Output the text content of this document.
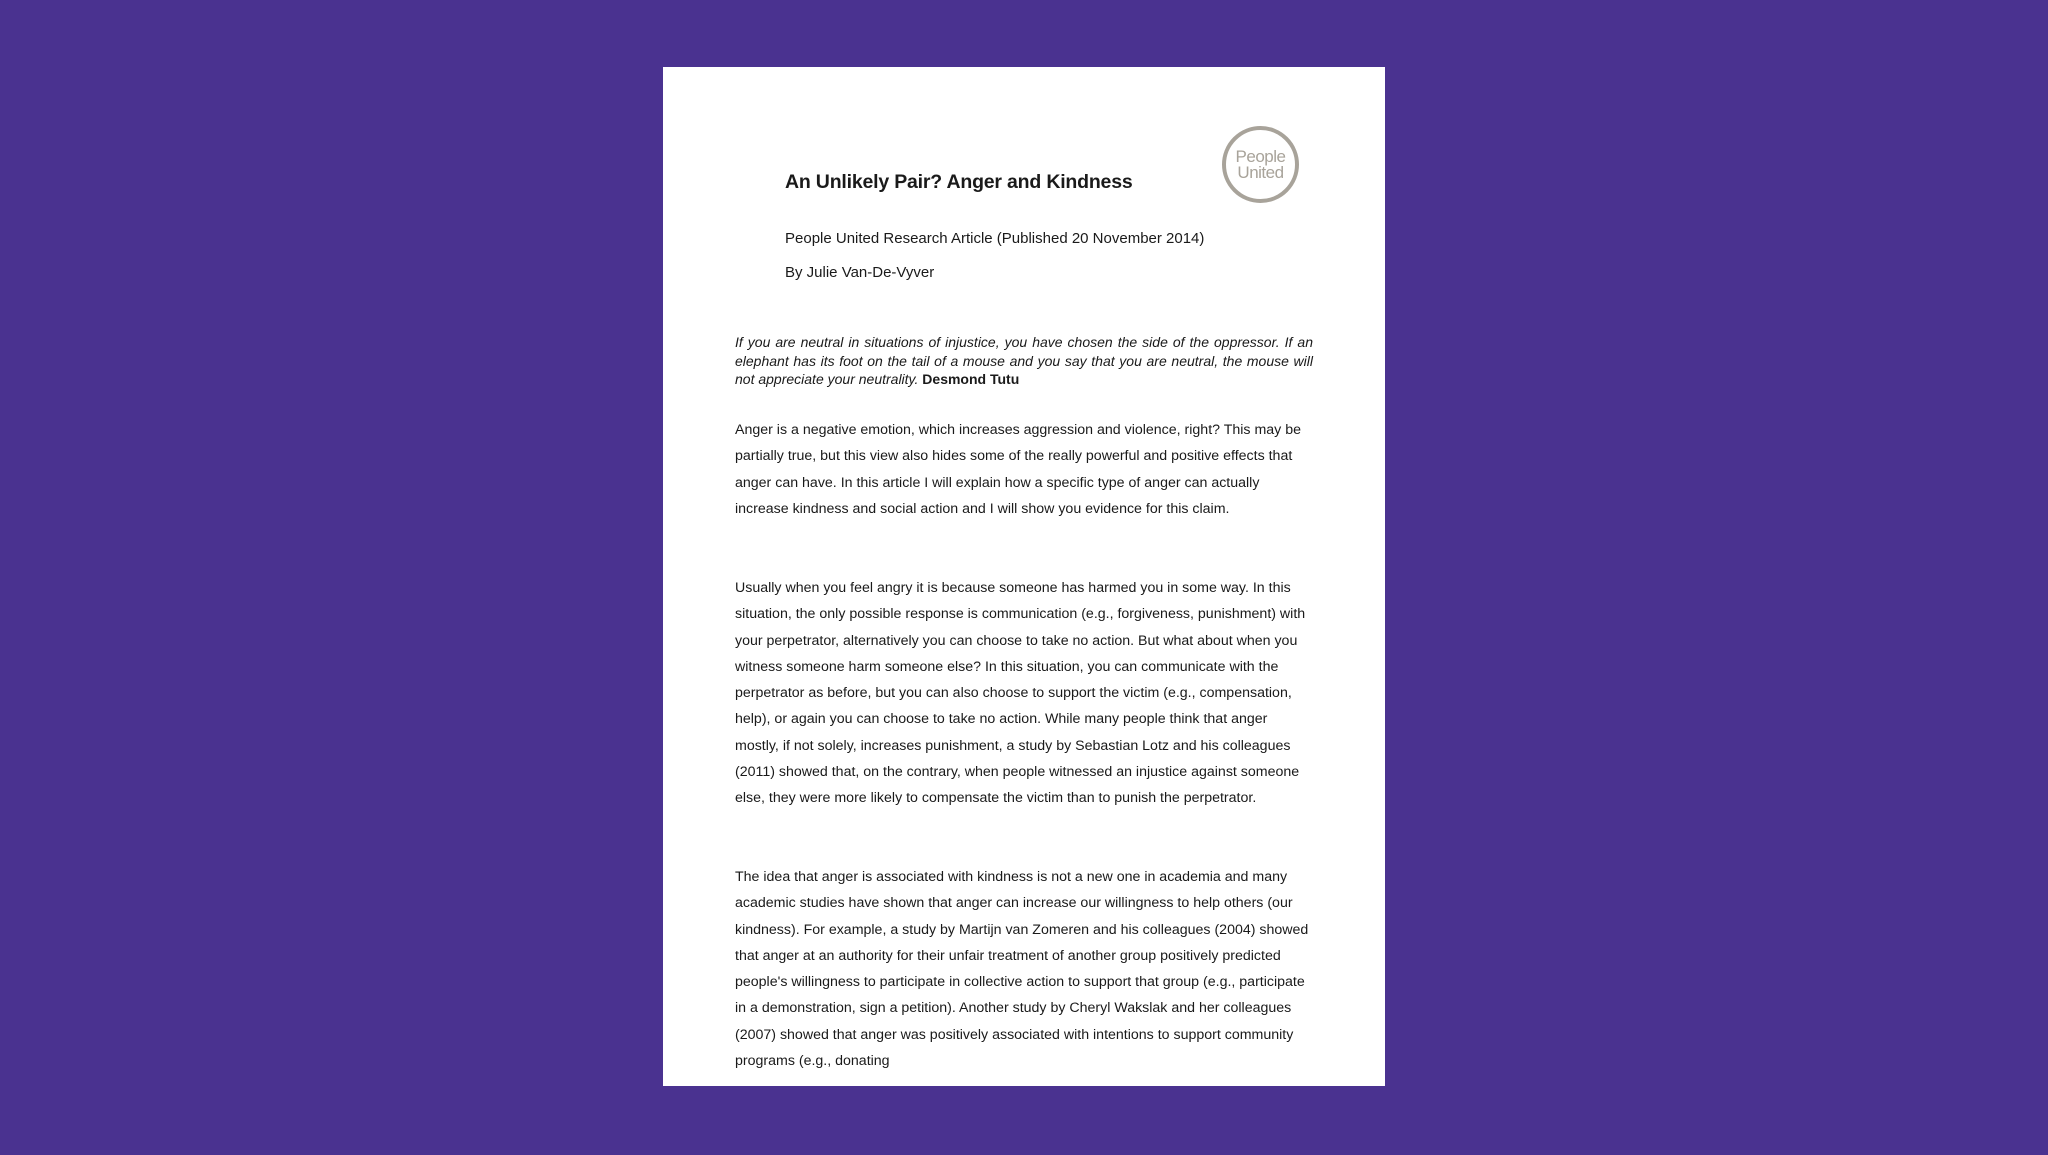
An Unlikely Pair? Anger and Kindness
People
United

People United Research Article (Published 20 November 2014)

By Julie Van-De-Vyver

If you are neutral in situations of injustice, you have chosen the side of the oppressor. If an elephant has its foot on the tail of a mouse and you say that you are neutral, the mouse will not appreciate your neutrality. Desmond Tutu

Anger is a negative emotion, which increases aggression and violence, right? This may be partially true, but this view also hides some of the really powerful and positive effects that anger can have. In this article I will explain how a specific type of anger can actually increase kindness and social action and I will show you evidence for this claim.

Usually when you feel angry it is because someone has harmed you in some way. In this situation, the only possible response is communication (e.g., forgiveness, punishment) with your perpetrator, alternatively you can choose to take no action. But what about when you witness someone harm someone else? In this situation, you can communicate with the perpetrator as before, but you can also choose to support the victim (e.g., compensation, help), or again you can choose to take no action. While many people think that anger mostly, if not solely, increases punishment, a study by Sebastian Lotz and his colleagues (2011) showed that, on the contrary, when people witnessed an injustice against someone else, they were more likely to compensate the victim than to punish the perpetrator.

The idea that anger is associated with kindness is not a new one in academia and many academic studies have shown that anger can increase our willingness to help others (our kindness). For example, a study by Martijn van Zomeren and his colleagues (2004) showed that anger at an authority for their unfair treatment of another group positively predicted people's willingness to participate in collective action to support that group (e.g., participate in a demonstration, sign a petition). Another study by Cheryl Wakslak and her colleagues (2007) showed that anger was positively associated with intentions to support community programs (e.g., donating
